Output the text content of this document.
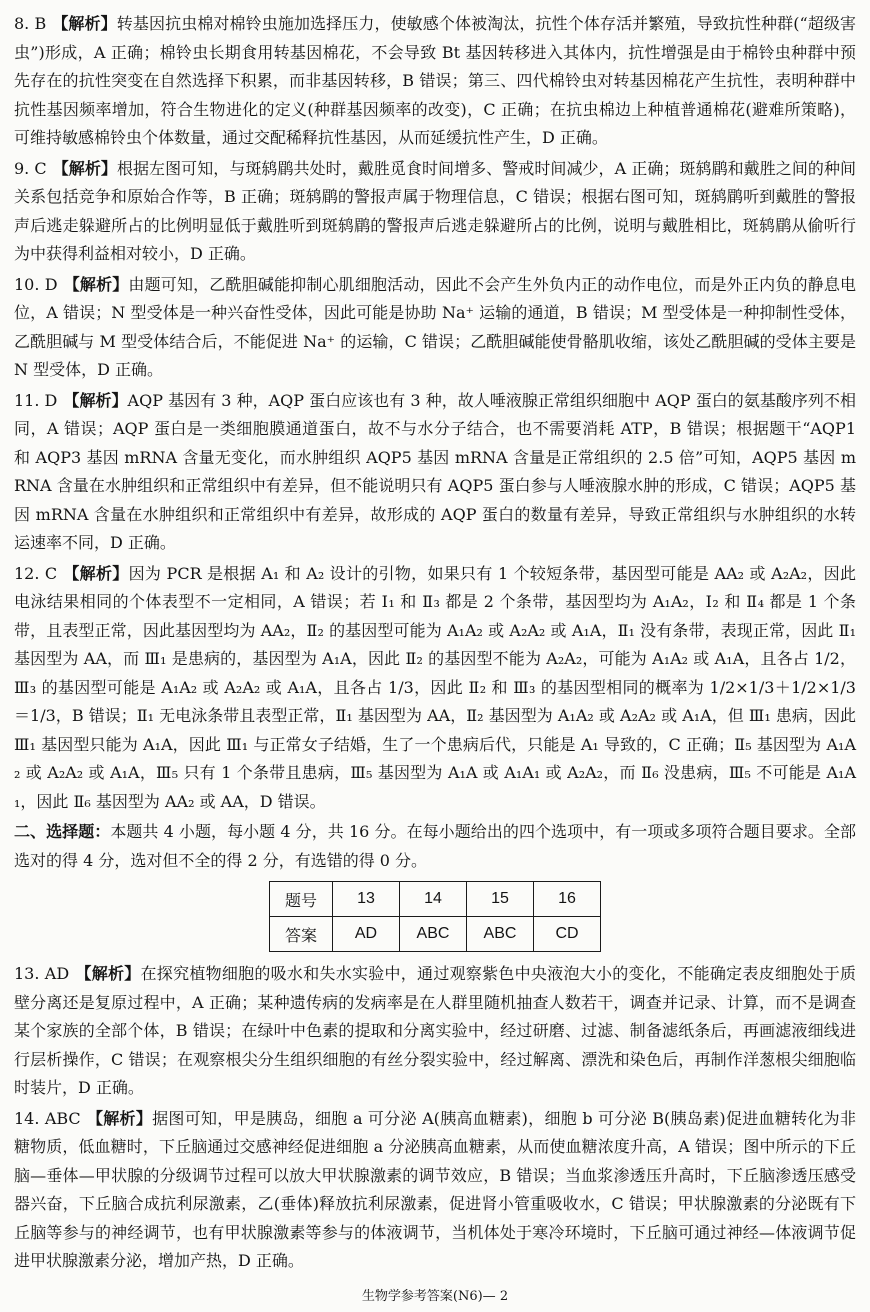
8. B 【解析】转基因抗虫棉对棉铃虫施加选择压力，使敏感个体被淘汰，抗性个体存活并繁殖，导致抗性种群(“超级害虫”)形成，A 正确；棉铃虫长期食用转基因棉花，不会导致 Bt 基因转移进入其体内，抗性增强是由于棉铃虫种群中预先存在的抗性突变在自然选择下积累，而非基因转移，B 错误；第三、四代棉铃虫对转基因棉花产生抗性，表明种群中抗性基因频率增加，符合生物进化的定义(种群基因频率的改变)，C 正确；在抗虫棉边上种植普通棉花(避难所策略)，可维持敏感棉铃虫个体数量，通过交配稀释抗性基因，从而延缓抗性产生，D 正确。

9. C 【解析】根据左图可知，与斑鸫鹛共处时，戴胜觅食时间增多、警戒时间减少，A 正确；斑鸫鹛和戴胜之间的种间关系包括竞争和原始合作等，B 正确；斑鸫鹛的警报声属于物理信息，C 错误；根据右图可知，斑鸫鹛听到戴胜的警报声后逃走躲避所占的比例明显低于戴胜听到斑鸫鹛的警报声后逃走躲避所占的比例，说明与戴胜相比，斑鸫鹛从偷听行为中获得利益相对较小，D 正确。

10. D 【解析】由题可知，乙酰胆碱能抑制心肌细胞活动，因此不会产生外负内正的动作电位，而是外正内负的静息电位，A 错误；N 型受体是一种兴奋性受体，因此可能是协助 Na⁺ 运输的通道，B 错误；M 型受体是一种抑制性受体，乙酰胆碱与 M 型受体结合后，不能促进 Na⁺ 的运输，C 错误；乙酰胆碱能使骨骼肌收缩，该处乙酰胆碱的受体主要是 N 型受体，D 正确。

11. D 【解析】AQP 基因有 3 种，AQP 蛋白应该也有 3 种，故人唾液腺正常组织细胞中 AQP 蛋白的氨基酸序列不相同，A 错误；AQP 蛋白是一类细胞膜通道蛋白，故不与水分子结合，也不需要消耗 ATP，B 错误；根据题干“AQP1 和 AQP3 基因 mRNA 含量无变化，而水肿组织 AQP5 基因 mRNA 含量是正常组织的 2.5 倍”可知，AQP5 基因 mRNA 含量在水肿组织和正常组织中有差异，但不能说明只有 AQP5 蛋白参与人唾液腺水肿的形成，C 错误；AQP5 基因 mRNA 含量在水肿组织和正常组织中有差异，故形成的 AQP 蛋白的数量有差异，导致正常组织与水肿组织的水转运速率不同，D 正确。

12. C 【解析】因为 PCR 是根据 A₁ 和 A₂ 设计的引物，如果只有 1 个较短条带，基因型可能是 AA₂ 或 A₂A₂，因此电泳结果相同的个体表型不一定相同，A 错误；若 Ⅰ₁ 和 Ⅱ₃ 都是 2 个条带，基因型均为 A₁A₂，Ⅰ₂ 和 Ⅱ₄ 都是 1 个条带，且表型正常，因此基因型均为 AA₂，Ⅱ₂ 的基因型可能为 A₁A₂ 或 A₂A₂ 或 A₁A，Ⅱ₁ 没有条带，表现正常，因此 Ⅱ₁ 基因型为 AA，而 Ⅲ₁ 是患病的，基因型为 A₁A，因此 Ⅱ₂ 的基因型不能为 A₂A₂，可能为 A₁A₂ 或 A₁A，且各占 1/2，Ⅲ₃ 的基因型可能是 A₁A₂ 或 A₂A₂ 或 A₁A，且各占 1/3，因此 Ⅱ₂ 和 Ⅲ₃ 的基因型相同的概率为 1/2×1/3＋1/2×1/3＝1/3，B 错误；Ⅱ₁ 无电泳条带且表型正常，Ⅱ₁ 基因型为 AA，Ⅱ₂ 基因型为 A₁A₂ 或 A₂A₂ 或 A₁A，但 Ⅲ₁ 患病，因此 Ⅲ₁ 基因型只能为 A₁A，因此 Ⅲ₁ 与正常女子结婚，生了一个患病后代，只能是 A₁ 导致的，C 正确；Ⅱ₅ 基因型为 A₁A₂ 或 A₂A₂ 或 A₁A，Ⅲ₅ 只有 1 个条带且患病，Ⅲ₅ 基因型为 A₁A 或 A₁A₁ 或 A₂A₂，而 Ⅱ₆ 没患病，Ⅲ₅ 不可能是 A₁A₁，因此 Ⅱ₆ 基因型为 AA₂ 或 AA，D 错误。

二、选择题：本题共 4 小题，每小题 4 分，共 16 分。在每小题给出的四个选项中，有一项或多项符合题目要求。全部选对的得 4 分，选对但不全的得 2 分，有选错的得 0 分。

题号	13	14	15	16
答案	AD	ABC	ABC	CD

13. AD 【解析】在探究植物细胞的吸水和失水实验中，通过观察紫色中央液泡大小的变化，不能确定表皮细胞处于质壁分离还是复原过程中，A 正确；某种遗传病的发病率是在人群里随机抽查人数若干，调查并记录、计算，而不是调查某个家族的全部个体，B 错误；在绿叶中色素的提取和分离实验中，经过研磨、过滤、制备滤纸条后，再画滤液细线进行层析操作，C 错误；在观察根尖分生组织细胞的有丝分裂实验中，经过解离、漂洗和染色后，再制作洋葱根尖细胞临时装片，D 正确。

14. ABC 【解析】据图可知，甲是胰岛，细胞 a 可分泌 A(胰高血糖素)，细胞 b 可分泌 B(胰岛素)促进血糖转化为非糖物质，低血糖时，下丘脑通过交感神经促进细胞 a 分泌胰高血糖素，从而使血糖浓度升高，A 错误；图中所示的下丘脑—垂体—甲状腺的分级调节过程可以放大甲状腺激素的调节效应，B 错误；当血浆渗透压升高时，下丘脑渗透压感受器兴奋，下丘脑合成抗利尿激素，乙(垂体)释放抗利尿激素，促进肾小管重吸收水，C 错误；甲状腺激素的分泌既有下丘脑等参与的神经调节，也有甲状腺激素等参与的体液调节，当机体处于寒冷环境时，下丘脑可通过神经—体液调节促进甲状腺激素分泌，增加产热，D 正确。

生物学参考答案(N6)— 2
